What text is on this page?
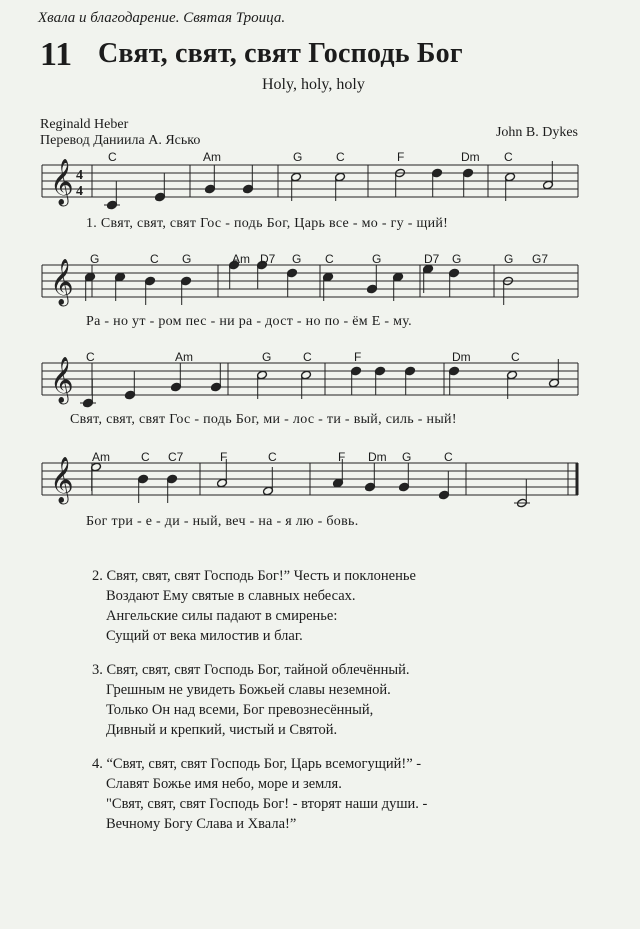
Хвала и благодарение. Святая Троица.
11 Свят, свят, свят Господь Бог
Holy, holy, holy
Reginald Heber
Перевод Даниила А. Ясько
John B. Dykes
𝄞 4
4
𝄞
𝄞
𝄞
C	Am	G	C	F	Dm C
G	C G	Am D7 G C	G	D7 G	G G7
C	Am	G	C	F	Dm	C
Am	C C7	F	C	F Dm G	C
1. Свят, свят, свят Гос - подь Бог, Царь все - мо - гу - щий!
Ра - но ут - ром пес - ни ра - дост - но по - ём Е - му.
Свят, свят, свят Гос - подь Бог, ми - лос - ти - вый, силь - ный!
Бог три - е - ди - ный, веч - на - я лю - бовь.
2. Свят, свят, свят Господь Бог!” Честь и поклоненье
Воздают Ему святые в славных небесах.
Ангельские силы падают в смиренье:
Сущий от века милостив и благ.
3. Свят, свят, свят Господь Бог, тайной облечённый.
Грешным не увидеть Божьей славы неземной.
Только Он над всеми, Бог превознесённый,
Дивный и крепкий, чистый и Святой.
4. “Свят, свят, свят Господь Бог, Царь всемогущий!” -
Славят Божье имя небо, море и земля.
"Свят, свят, свят Господь Бог! - вторят наши души. -
Вечному Богу Слава и Хвала!”
